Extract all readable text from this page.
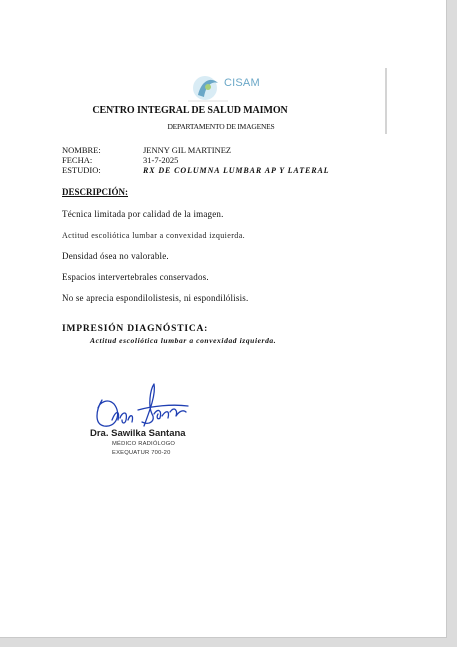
CISAM
CENTRO INTEGRAL DE SALUD MAIMON
DEPARTAMENTO DE IMAGENES
NOMBRE:	JENNY GIL MARTINEZ
FECHA:	31-7-2025
ESTUDIO:	RX DE COLUMNA LUMBAR AP Y LATERAL
DESCRIPCIÓN:
Técnica limitada por calidad de la imagen.
Actitud escoliótica lumbar a convexidad izquierda.
Densidad ósea no valorable.
Espacios intervertebrales conservados.
No se aprecia espondilolistesis, ni espondilólisis.
IMPRESIÓN DIAGNÓSTICA:
Actitud escoliótica lumbar a convexidad izquierda.
Dra. Sawilka Santana
MÉDICO RADIÓLOGO
EXEQUATUR 700-20
